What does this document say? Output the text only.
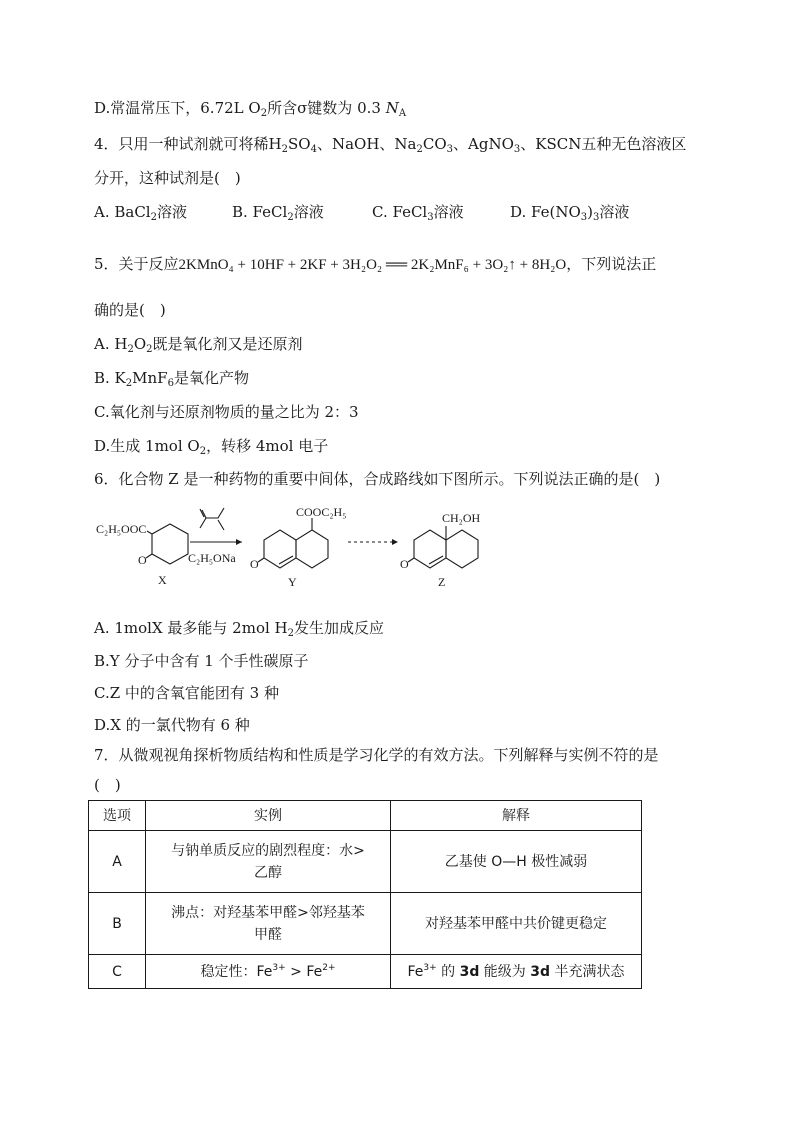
D.常温常压下，6.72L $O_2$所含σ键数为 0.3 $N_A$
4．只用一种试剂就可将稀$H_2SO_4$、NaOH、$Na_2CO_3$、AgNO$_3$、KSCN五种无色溶液区
分开，这种试剂是(　)
A. BaCl$_2$溶液	B. FeCl$_2$溶液	C. FeCl$_3$溶液	D. $Fe(NO_3)_3$溶液
5．关于反应2KMnO₄ + 10HF + 2KF + 3H₂O₂ ══ 2K₂MnF₆ + 3O₂↑ + 8H₂O，下列说法正
确的是(　)
A. $H_2O_2$既是氧化剂又是还原剂
B. $K_2MnF_6$是氧化产物
C.氧化剂与还原剂物质的量之比为 2：3
D.生成 1mol $O_2$，转移 4mol 电子
6．化合物 Z 是一种药物的重要中间体，合成路线如下图所示。下列说法正确的是(　)
C₂H₅OOC
O
X
C₂H₅ONa
COOC₂H₅
O
Y
CH₂OH
O
Z
A. 1molX 最多能与 2mol $H_2$发生加成反应
B.Y 分子中含有 1 个手性碳原子
C.Z 中的含氧官能团有 3 种
D.X 的一氯代物有 6 种
7．从微观视角探析物质结构和性质是学习化学的有效方法。下列解释与实例不符的是
(　)
选项	实例	解释
A	与钠单质反应的剧烈程度：水>
乙醇	乙基使 O—H 极性减弱
B	沸点：对羟基苯甲醛>邻羟基苯
甲醛	对羟基苯甲醛中共价键更稳定
C	稳定性：$Fe^{3+} > Fe^{2+}$	$Fe^{3+}$ 的 3d 能级为 3d 半充满状态
